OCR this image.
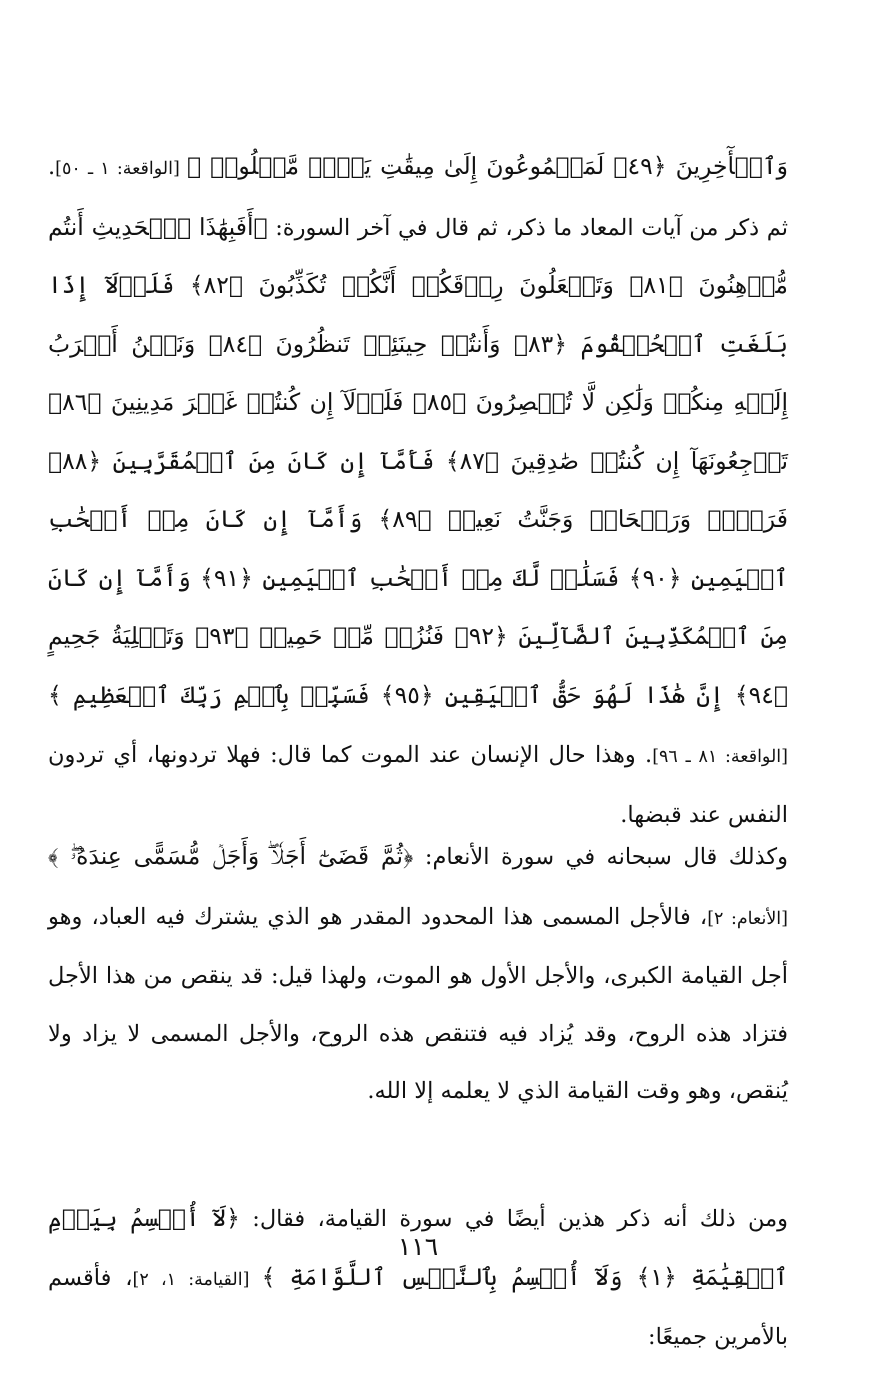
وَٱلۡأٓخِرِينَ ﴿٤٩﴾ لَمَجۡمُوعُونَ إِلَىٰ مِيقَٰتِ يَوۡمٖ مَّعۡلُومٖ ﴾ [الواقعة: ١ ـ ٥٠]. ثم ذكر من آيات المعاد ما ذكر، ثم قال في آخر السورة: ﴿أَفَبِهَٰذَا ٱلۡحَدِيثِ أَنتُم مُّدۡهِنُونَ ﴿٨١﴾ وَتَجۡعَلُونَ رِزۡقَكُمۡ أَنَّكُمۡ تُكَذِّبُونَ ﴿٨٢﴾ فَلَوۡلَآ إِذَا بَلَغَتِ ٱلۡحُلۡقُومَ ﴿٨٣﴾ وَأَنتُمۡ حِينَئِذٖ تَنظُرُونَ ﴿٨٤﴾ وَنَحۡنُ أَقۡرَبُ إِلَيۡهِ مِنكُمۡ وَلَٰكِن لَّا تُبۡصِرُونَ ﴿٨٥﴾ فَلَوۡلَآ إِن كُنتُمۡ غَيۡرَ مَدِينِينَ ﴿٨٦﴾ تَرۡجِعُونَهَآ إِن كُنتُمۡ صَٰدِقِينَ ﴿٨٧﴾ فَأَمَّآ إِن كَانَ مِنَ ٱلۡمُقَرَّبِينَ ﴿٨٨﴾ فَرَوۡحٞ وَرَيۡحَانٞ وَجَنَّتُ نَعِيمٖ ﴿٨٩﴾ وَأَمَّآ إِن كَانَ مِنۡ أَصۡحَٰبِ ٱلۡيَمِينِ ﴿٩٠﴾ فَسَلَٰمٞ لَّكَ مِنۡ أَصۡحَٰبِ ٱلۡيَمِينِ ﴿٩١﴾ وَأَمَّآ إِن كَانَ مِنَ ٱلۡمُكَذِّبِينَ ٱلضَّآلِّينَ ﴿٩٢﴾ فَنُزُلٞ مِّنۡ حَمِيمٖ ﴿٩٣﴾ وَتَصۡلِيَةُ جَحِيمٍ ﴿٩٤﴾ إِنَّ هَٰذَا لَهُوَ حَقُّ ٱلۡيَقِينِ ﴿٩٥﴾ فَسَبِّحۡ بِٱسۡمِ رَبِّكَ ٱلۡعَظِيمِ ﴾ [الواقعة: ٨١ ـ ٩٦]. وهذا حال الإنسان عند الموت كما قال: فهلا تردونها، أي تردون النفس عند قبضها.

وكذلك قال سبحانه في سورة الأنعام: ﴿ثُمَّ قَضَىٰٓ أَجَلٗاۖ وَأَجَلٞ مُّسَمًّى عِندَهُۥۖ ﴾ [الأنعام: ٢]، فالأجل المسمى هذا المحدود المقدر هو الذي يشترك فيه العباد، وهو أجل القيامة الكبرى، والأجل الأول هو الموت، ولهذا قيل: قد ينقص من هذا الأجل فتزاد هذه الروح، وقد يُزاد فيه فتنقص هذه الروح، والأجل المسمى لا يزاد ولا يُنقص، وهو وقت القيامة الذي لا يعلمه إلا الله.

ومن ذلك أنه ذكر هذين أيضًا في سورة القيامة، فقال: ﴿لَآ أُقۡسِمُ بِيَوۡمِ ٱلۡقِيَٰمَةِ ﴿١﴾ وَلَآ أُقۡسِمُ بِٱلنَّفۡسِ ٱللَّوَّامَةِ ﴾ [القيامة: ١، ٢]، فأقسم بالأمرين جميعًا:

١١٦
